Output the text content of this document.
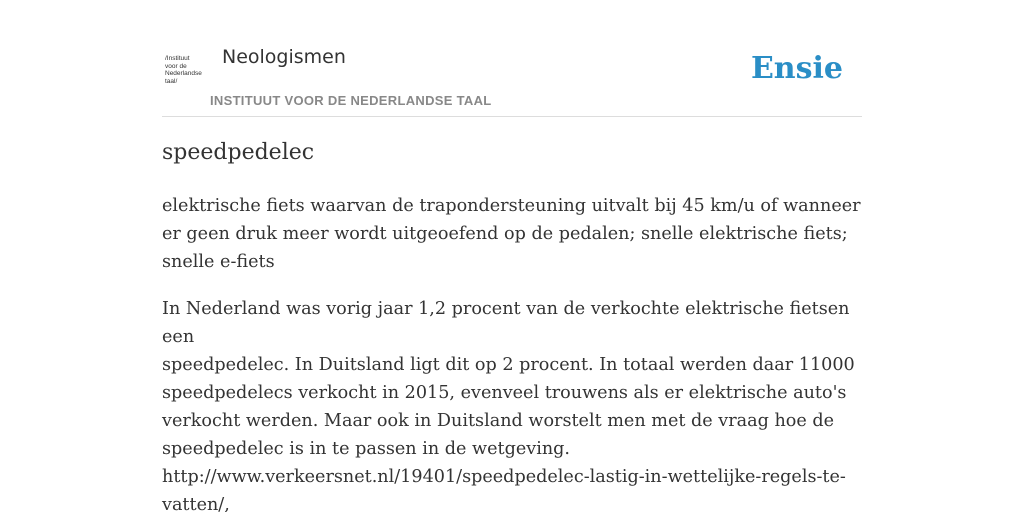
/Instituut
voor de
Nederlandse
taal/
Neologismen
INSTITUUT VOOR DE NEDERLANDSE TAAL
Ensie
speedpedelec

elektrische fiets waarvan de trapondersteuning uitvalt bij 45 km/u of wanneer er geen druk meer wordt uitgeoefend op de pedalen; snelle elektrische fiets; snelle e-fiets

In Nederland was vorig jaar 1,2 procent van de verkochte elektrische fietsen een
speedpedelec. In Duitsland ligt dit op 2 procent. In totaal werden daar 11000
speedpedelecs verkocht in 2015, evenveel trouwens als er elektrische auto's
verkocht werden. Maar ook in Duitsland worstelt men met de vraag hoe de
speedpedelec is in te passen in de wetgeving.
http://www.verkeersnet.nl/19401/speedpedelec-lastig-in-wettelijke-regels-te-
vatten/,
